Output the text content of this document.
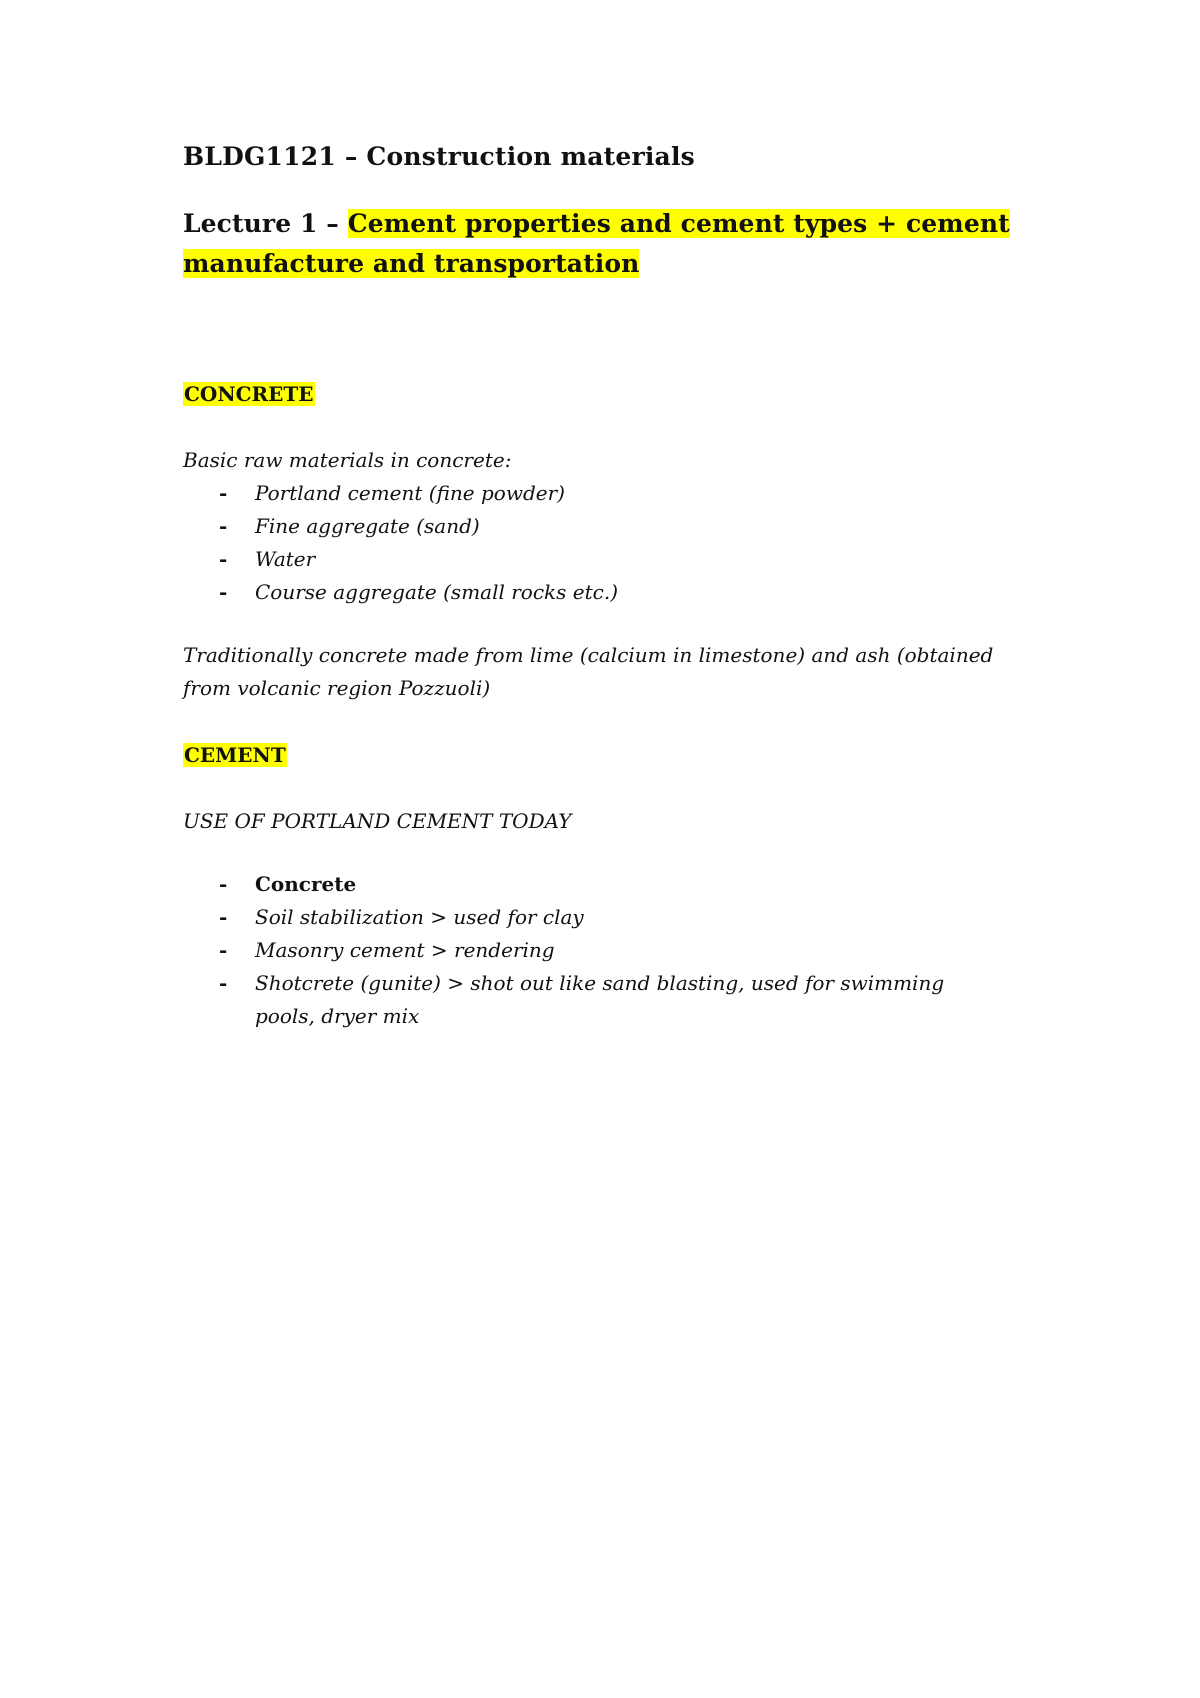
BLDG1121 – Construction materials
Lecture 1 – Cement properties and cement types + cement
manufacture and transportation

CONCRETE

Basic raw materials in concrete:

- Portland cement (fine powder)
- Fine aggregate (sand)
- Water
- Course aggregate (small rocks etc.)

Traditionally concrete made from lime (calcium in limestone) and ash (obtained from volcanic region Pozzuoli)

CEMENT

USE OF PORTLAND CEMENT TODAY

- Concrete
- Soil stabilization > used for clay
- Masonry cement > rendering
- Shotcrete (gunite) > shot out like sand blasting, used for swimming pools, dryer mix
